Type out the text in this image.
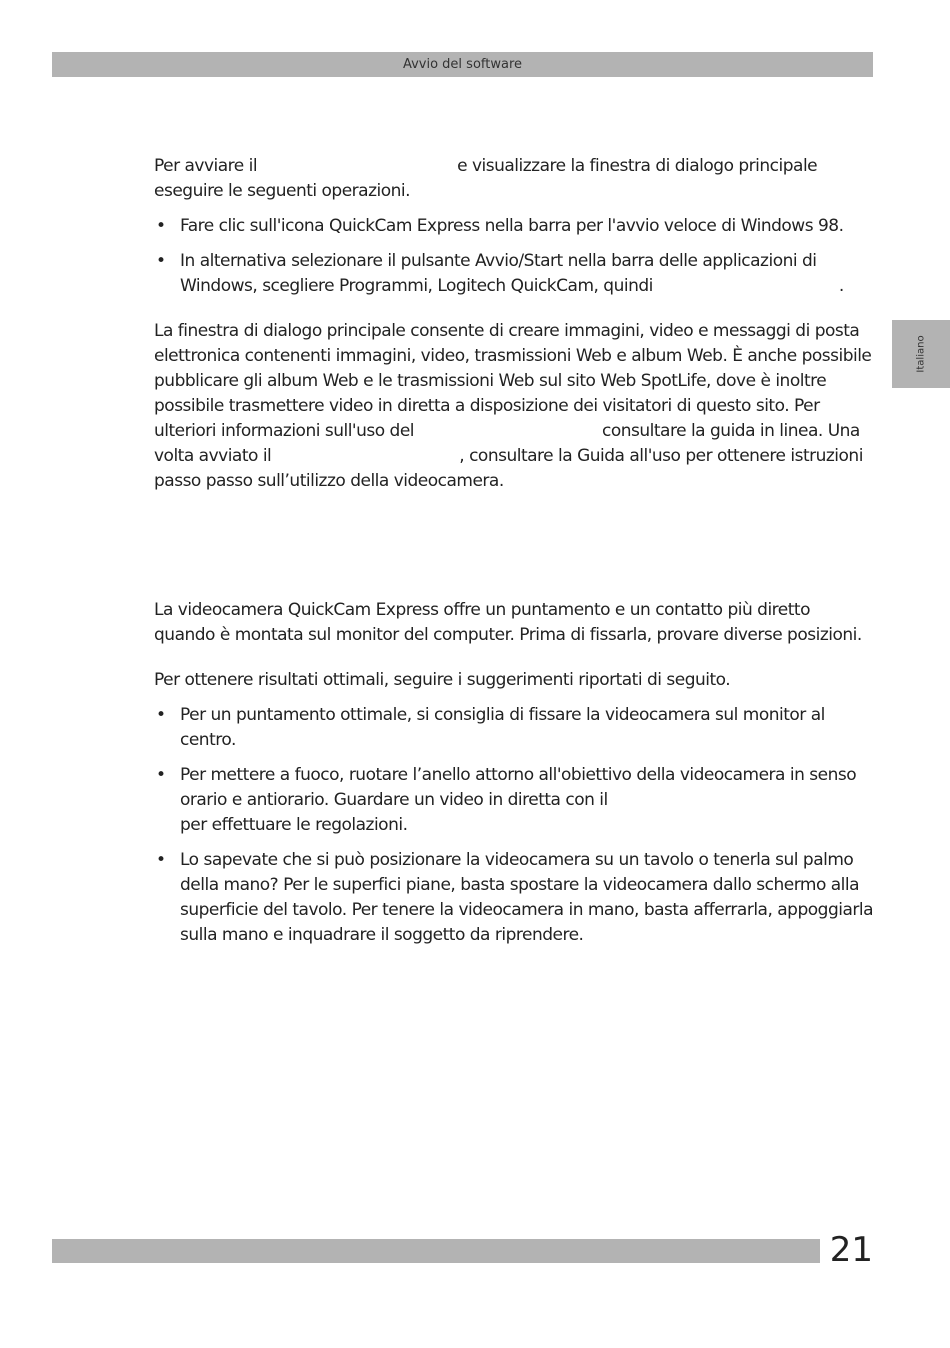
Avvio del software
Italiano

Per avviare il	e visualizzare la finestra di dialogo principale eseguire le seguenti operazioni.

• Fare clic sull'icona QuickCam Express nella barra per l'avvio veloce di Windows 98.
• In alternativa selezionare il pulsante Avvio/Start nella barra delle applicazioni di Windows, scegliere Programmi, Logitech QuickCam, quindi	.

La finestra di dialogo principale consente di creare immagini, video e messaggi di posta elettronica contenenti immagini, video, trasmissioni Web e album Web. È anche possibile pubblicare gli album Web e le trasmissioni Web sul sito Web SpotLife, dove è inoltre possibile trasmettere video in diretta a disposizione dei visitatori di questo sito. Per ulteriori informazioni sull'uso del	consultare la guida in linea. Una volta avviato il	, consultare la Guida all'uso per ottenere istruzioni passo passo sull’utilizzo della videocamera.

La videocamera QuickCam Express offre un puntamento e un contatto più diretto quando è montata sul monitor del computer. Prima di fissarla, provare diverse posizioni.

Per ottenere risultati ottimali, seguire i suggerimenti riportati di seguito.

• Per un puntamento ottimale, si consiglia di fissare la videocamera sul monitor al centro.
• Per mettere a fuoco, ruotare l’anello attorno all'obiettivo della videocamera in senso orario e antiorario. Guardare un video in diretta con ilper effettuare le regolazioni.
• Lo sapevate che si può posizionare la videocamera su un tavolo o tenerla sul palmo della mano? Per le superfici piane, basta spostare la videocamera dallo schermo alla superficie del tavolo. Per tenere la videocamera in mano, basta afferrarla, appoggiarla sulla mano e inquadrare il soggetto da riprendere.
21
